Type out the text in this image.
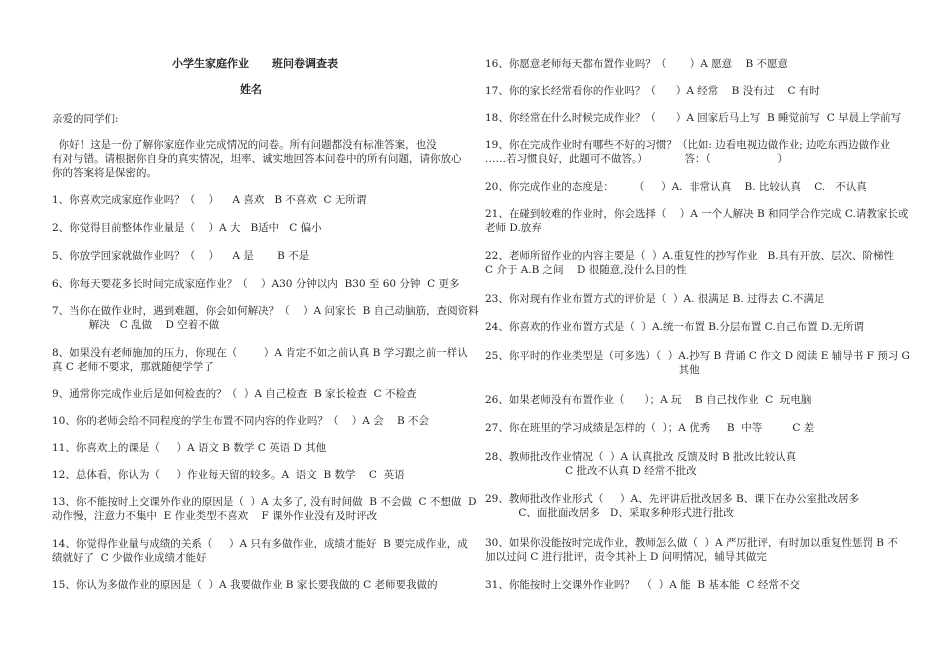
小学生家庭作业      班问卷调查表
姓名
亲爱的同学们:
你好！这是一份了解你家庭作业完成情况的问卷。所有问题都没有标准答案，也没
有对与错。请根据你自身的真实情况，坦率、诚实地回答本问卷中的所有问题，请你放心
你的答案将是保密的。
1、你喜欢完成家庭作业吗？（    ）    A 喜欢   B 不喜欢  C 无所谓
2、你觉得目前整体作业量是（    ）A 大   B适中   C 偏小
5、你放学回家就做作业吗？（    ）    A 是       B 不是
6、你每天要花多长时间完成家庭作业？（    ）A30 分钟以内  B30 至 60 分钟  C 更多
7、当你在做作业时，遇到难题，你会如何解决？（    ）A 问家长  B 自己动脑筋，查阅资料
解决   C 乱做    D 空着不做
8、如果没有老师施加的压力，你现在（        ）A 肯定不如之前认真 B 学习跟之前一样认
真 C 老师不要求，那就随便学学了
9、通常你完成作业后是如何检查的？（  ）A 自己检查  B 家长检查  C 不检查
10、你的老师会给不同程度的学生布置不同内容的作业吗？（    ）A 会    B 不会
11、你喜欢上的课是（     ）A 语文 B 数学 C 英语 D 其他
12、总体看，你认为（     ）作业每天留的较多。A  语文  B 数学    C  英语
13、你不能按时上交课外作业的原因是（  ）A 太多了, 没有时间做  B 不会做  C 不想做  D
动作慢，注意力不集中  E 作业类型不喜欢    F 课外作业没有及时评改
14、你觉得作业量与成绩的关系（     ）A 只有多做作业，成绩才能好  B 要完成作业，成
绩就好了  C 少做作业成绩才能好
15、你认为多做作业的原因是（  ）A 我要做作业 B 家长要我做的 C 老师要我做的
16、你愿意老师每天都布置作业吗？（       ）A 愿意    B 不愿意
17、你的家长经常看你的作业吗？（      ）A 经常    B 没有过    C 有时
18、你经常在什么时候完成作业？（      ）A 回家后马上写  B 睡觉前写  C 早晨上学前写
19、你在完成作业时有哪些不好的习惯？（比如: 边看电视边做作业; 边吃东西边做作业
……若习惯良好，此题可不做答。）           答：（                    ）
20、你完成作业的态度是：      （     ）A.  非常认真    B. 比较认真    C.   不认真
21、在碰到较难的作业时，你会选择（    ）A 一个人解决 B 和同学合作完成 C.请教家长或
老师 D.放弃
22、老师所留作业的内容主要是（  ）A.重复性的抄写作业   B.具有开放、层次、阶梯性
C 介于 A.B 之间    D 很随意,没什么目的性
23、你对现有作业布置方式的评价是（  ）A. 很满足 B. 过得去 C.不满足
24、你喜欢的作业布置方式是（  ）A.统一布置 B.分层布置 C.自己布置 D.无所谓
25、你平时的作业类型是（可多选）（  ）A.抄写 B 背诵 C 作文 D 阅读 E 辅导书 F 预习 G
其他
26、如果老师没有布置作业（      ）；A 玩    B 自己找作业  C  玩电脑
27、你在班里的学习成绩是怎样的（  ）；A 优秀     B  中等         C 差
28、教师批改作业情况（  ）A 认真批改 反馈及时 B 批改比较认真
C 批改不认真 D 经常不批改
29、教师批改作业形式（     ）A、先评讲后批改居多 B、课下在办公室批改居多
C、面批面改居多   D、采取多种形式进行批改
30、如果你没能按时完成作业，教师怎么做（  ）A 严厉批评，有时加以重复性惩罚 B 不
加以过问 C 进行批评，责令其补上 D 问明情况，辅导其做完
31、你能按时上交课外作业吗？  （  ）A 能  B 基本能  C 经常不交
